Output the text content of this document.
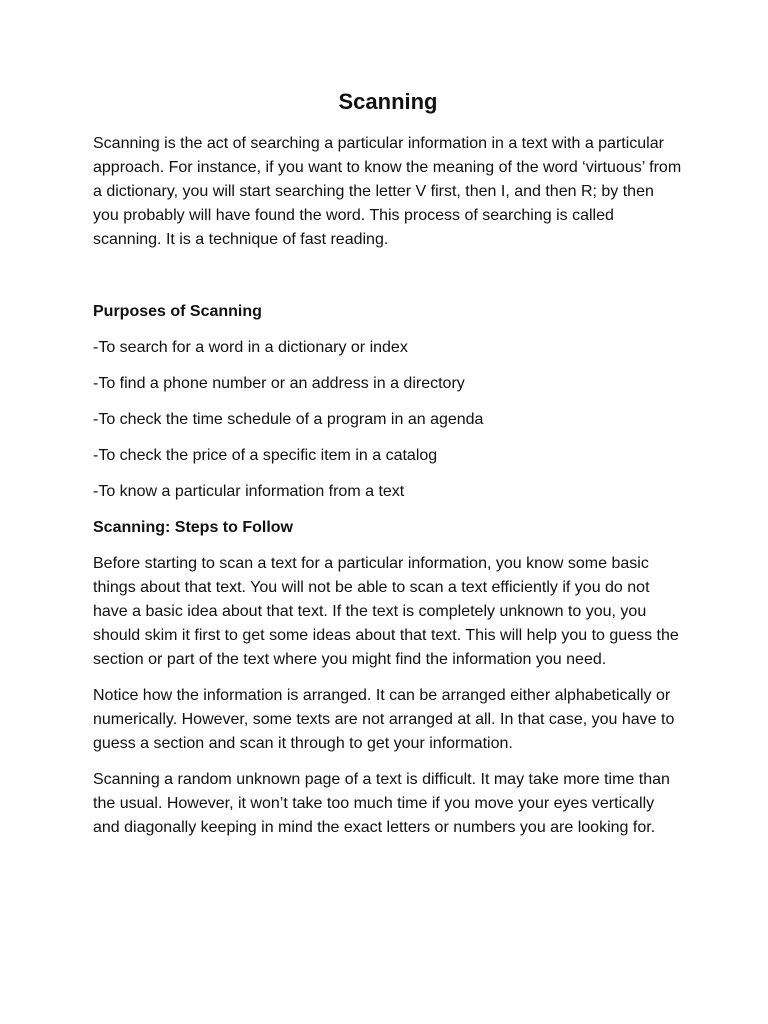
Scanning

Scanning is the act of searching a particular information in a text with a particular approach. For instance, if you want to know the meaning of the word ‘virtuous’ from a dictionary, you will start searching the letter V first, then I, and then R; by then you probably will have found the word. This process of searching is called scanning. It is a technique of fast reading.

Purposes of Scanning
-To search for a word in a dictionary or index
-To find a phone number or an address in a directory
-To check the time schedule of a program in an agenda
-To check the price of a specific item in a catalog
-To know a particular information from a text
Scanning: Steps to Follow

Before starting to scan a text for a particular information, you know some basic things about that text. You will not be able to scan a text efficiently if you do not have a basic idea about that text. If the text is completely unknown to you, you should skim it first to get some ideas about that text. This will help you to guess the section or part of the text where you might find the information you need.

Notice how the information is arranged. It can be arranged either alphabetically or numerically. However, some texts are not arranged at all. In that case, you have to guess a section and scan it through to get your information.

Scanning a random unknown page of a text is difficult. It may take more time than the usual. However, it won’t take too much time if you move your eyes vertically and diagonally keeping in mind the exact letters or numbers you are looking for.
